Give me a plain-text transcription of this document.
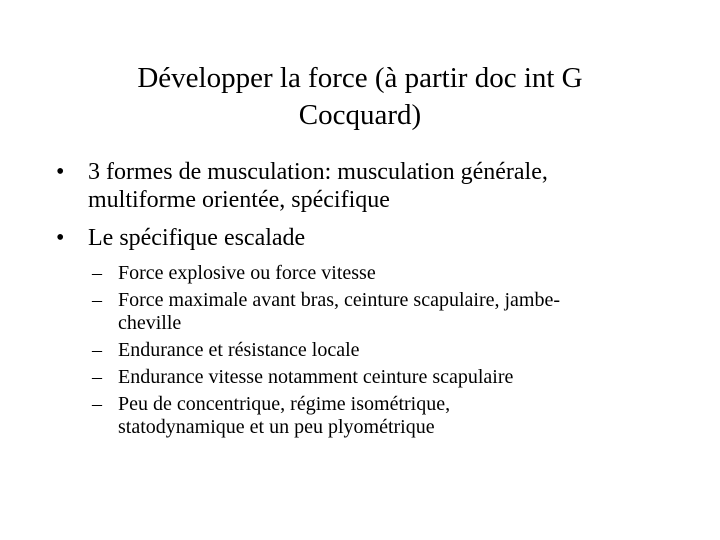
Développer la force (à partir doc int G
Cocquard)
• 3 formes de musculation: musculation générale,
multiforme orientée, spécifique
• Le spécifique escalade
– Force explosive ou force vitesse
– Force maximale avant bras, ceinture scapulaire, jambe-
cheville
– Endurance et résistance locale
– Endurance vitesse notamment ceinture scapulaire
– Peu de concentrique, régime isométrique,
statodynamique et un peu plyométrique
